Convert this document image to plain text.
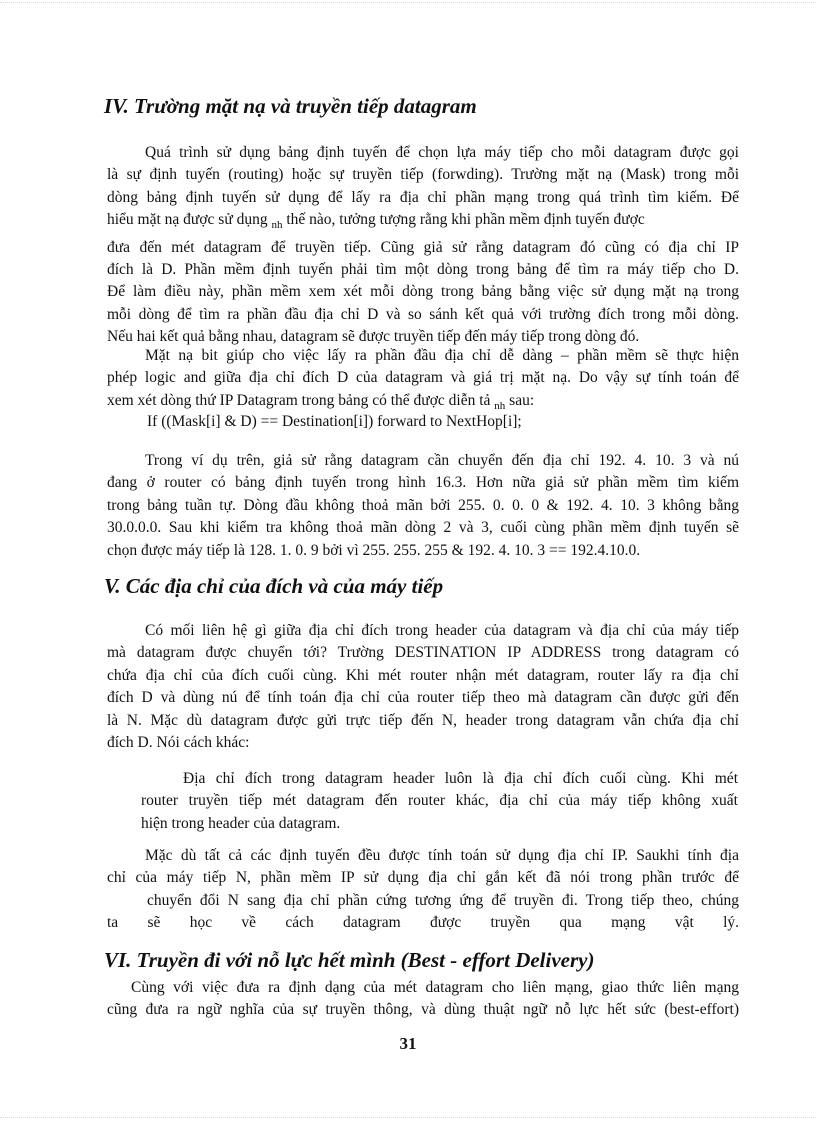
IV. Trường mặt nạ và truyền tiếp datagram
Quá trình sử dụng bảng định tuyến để chọn lựa máy tiếp cho mỗi datagram được gọi
là sự định tuyến (routing) hoặc sự truyền tiếp (forwding). Trường mặt nạ (Mask) trong mỗi
dòng bảng định tuyến sử dụng để lấy ra địa chỉ phần mạng trong quá trình tìm kiếm. Để
hiểu mặt nạ được sử dụng $_{nh}$ thế nào, tưởng tượng rằng khi phần mềm định tuyến được
đưa đến mét datagram để truyền tiếp. Cũng giả sử rằng datagram đó cũng có địa chỉ IP
đích là D. Phần mềm định tuyến phải tìm một dòng trong bảng để tìm ra máy tiếp cho D.
Để làm điều này, phần mềm xem xét mỗi dòng trong bảng bằng việc sử dụng mặt nạ trong
mỗi dòng để tìm ra phần đầu địa chỉ D và so sánh kết quả với trường đích trong mỗi dòng.
Nếu hai kết quả bằng nhau, datagram sẽ được truyền tiếp đến máy tiếp trong dòng đó.
Mặt nạ bit giúp cho việc lấy ra phần đầu địa chỉ dễ dàng – phần mềm sẽ thực hiện
phép logic and giữa địa chỉ đích D của datagram và giá trị mặt nạ. Do vậy sự tính toán để
xem xét dòng thứ IP Datagram trong bảng có thể được diễn tả $_{nh}$ sau:
If ((Mask[i] & D) == Destination[i]) forward to NextHop[i];
Trong ví dụ trên, giả sử rằng datagram cần chuyển đến địa chỉ 192. 4. 10. 3 và nú
đang ở router có bảng định tuyến trong hình 16.3. Hơn nữa giả sử phần mềm tìm kiếm
trong bảng tuần tự. Dòng đầu không thoả mãn bởi 255. 0. 0. 0 & 192. 4. 10. 3 không bằng
30.0.0.0. Sau khi kiểm tra không thoả mãn dòng 2 và 3, cuối cùng phần mềm định tuyến sẽ
chọn được máy tiếp là 128. 1. 0. 9 bởi vì 255. 255. 255 & 192. 4. 10. 3 == 192.4.10.0.
V. Các địa chỉ của đích và của máy tiếp
Có mối liên hệ gì giữa địa chỉ đích trong header của datagram và địa chỉ của máy tiếp
mà datagram được chuyển tới? Trường DESTINATION IP ADDRESS trong datagram có
chứa địa chỉ của đích cuối cùng. Khi mét router nhận mét datagram, router lấy ra địa chỉ
đích D và dùng nú để tính toán địa chỉ của router tiếp theo mà datagram cần được gửi đến
là N. Mặc dù datagram được gửi trực tiếp đến N, header trong datagram vẫn chứa địa chỉ
đích D. Nói cách khác:
Địa chỉ đích trong datagram header luôn là địa chỉ đích cuối cùng. Khi mét
router truyền tiếp mét datagram đến router khác, địa chỉ của máy tiếp không xuất
hiện trong header của datagram.
Mặc dù tất cả các định tuyến đều được tính toán sử dụng địa chỉ IP. Saukhi tính địa
chỉ của máy tiếp N, phần mềm IP sử dụng địa chỉ gắn kết đã nói trong phần trước để
chuyển đổi N sang địa chỉ phần cứng tương ứng để truyền đi. Trong tiếp theo, chúng
ta sẽ học về cách datagram được truyền qua mạng vật lý.
VI. Truyền đi với nỗ lực hết mình (Best - effort Delivery)
Cùng với việc đưa ra định dạng của mét datagram cho liên mạng, giao thức liên mạng
cũng đưa ra ngữ nghĩa của sự truyền thông, và dùng thuật ngữ nỗ lực hết sức (best-effort)
31
